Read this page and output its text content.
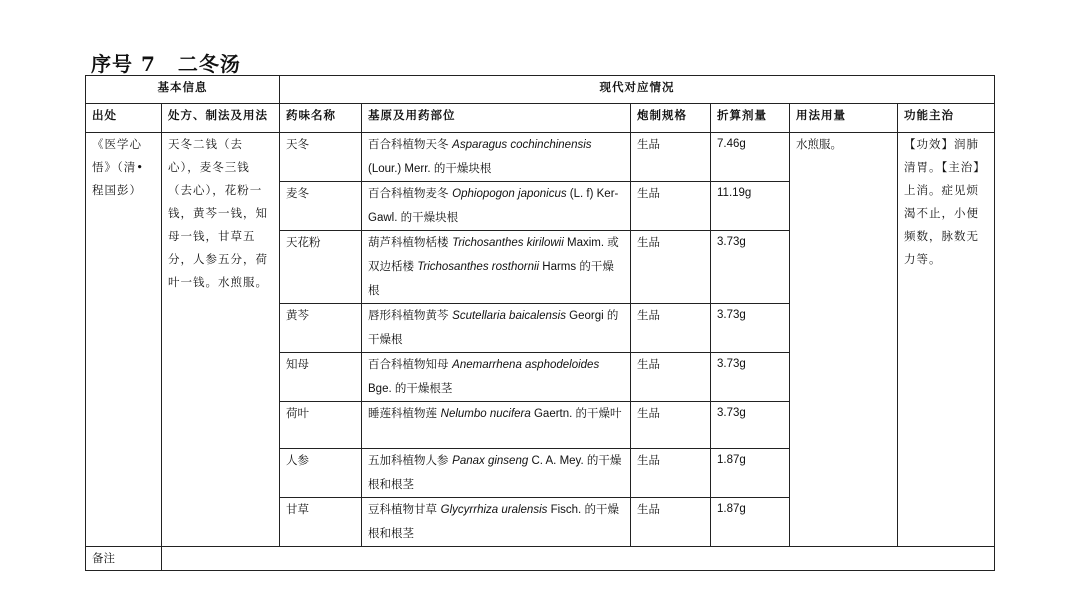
序号 7 二冬汤
基本信息		现代对应情况					
出处	处方、制法及用法	药味名称	基原及用药部位	炮制规格	折算剂量	用法用量	功能主治
《医学心悟》（清•程国彭）	天冬二钱（去心），麦冬三钱（去心），花粉一钱，黄芩一钱，知母一钱，甘草五分，人参五分，荷叶一钱。水煎服。	天冬	百合科植物天冬 Asparagus cochinchinensis (Lour.) Merr. 的干燥块根	生品	7.46g	水煎服。	【功效】润肺清胃。【主治】上消。症见烦渴不止，小便频数，脉数无力等。
		麦冬	百合科植物麦冬 Ophiopogon japonicus (L. f) Ker-Gawl. 的干燥块根	生品	11.19g		
		天花粉	葫芦科植物栝楼 Trichosanthes kirilowii Maxim. 或双边栝楼 Trichosanthes rosthornii Harms 的干燥根	生品	3.73g		
		黄芩	唇形科植物黄芩 Scutellaria baicalensis Georgi 的干燥根	生品	3.73g		
		知母	百合科植物知母 Anemarrhena asphodeloides Bge. 的干燥根茎	生品	3.73g		
		荷叶	睡莲科植物莲 Nelumbo nucifera Gaertn. 的干燥叶	生品	3.73g		
		人参	五加科植物人参 Panax ginseng C. A. Mey. 的干燥根和根茎	生品	1.87g		
		甘草	豆科植物甘草 Glycyrrhiza uralensis Fisch. 的干燥根和根茎	生品	1.87g		
备注							
